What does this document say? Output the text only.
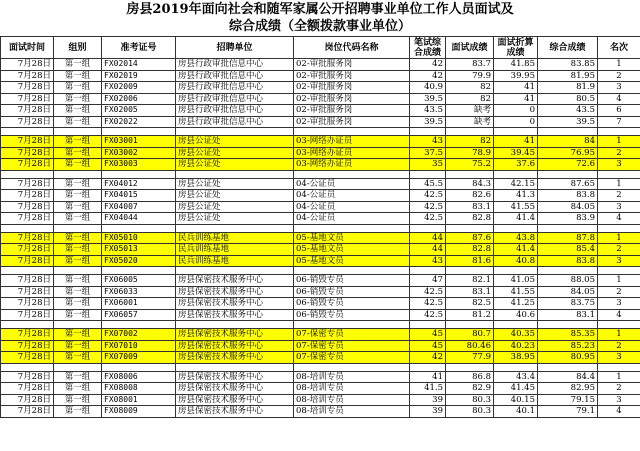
房县2019年面向社会和随军家属公开招聘事业单位工作人员面试及
综合成绩（全额拨款事业单位）
面试时间	组别	准考证号	招聘单位	岗位代码名称	笔试综合成绩	面试成绩	面试折算成绩	综合成绩	名次
7月28日	第一组	FX02014	房县行政审批信息中心	02-审批服务岗	42	83.7	41.85	83.85	1
7月28日	第一组	FX02019	房县行政审批信息中心	02-审批服务岗	42	79.9	39.95	81.95	2
7月28日	第一组	FX02009	房县行政审批信息中心	02-审批服务岗	40.9	82	41	81.9	3
7月28日	第一组	FX02006	房县行政审批信息中心	02-审批服务岗	39.5	82	41	80.5	4
7月28日	第一组	FX02005	房县行政审批信息中心	02-审批服务岗	43.5	缺考	0	43.5	6
7月28日	第一组	FX02022	房县行政审批信息中心	02-审批服务岗	39.5	缺考	0	39.5	7

7月28日	第一组	FX03001	房县公证处	03-网络办证员	43	82	41	84	1
7月28日	第一组	FX03002	房县公证处	03-网络办证员	37.5	78.9	39.45	76.95	2
7月28日	第一组	FX03003	房县公证处	03-网络办证员	35	75.2	37.6	72.6	3

7月28日	第一组	FX04012	房县公证处	04-公证员	45.5	84.3	42.15	87.65	1
7月28日	第一组	FX04015	房县公证处	04-公证员	42.5	82.6	41.3	83.8	2
7月28日	第一组	FX04007	房县公证处	04-公证员	42.5	83.1	41.55	84.05	3
7月28日	第一组	FX04044	房县公证处	04-公证员	42.5	82.8	41.4	83.9	4

7月28日	第一组	FX05010	民兵训练基地	05-基地文员	44	87.6	43.8	87.8	1
7月28日	第一组	FX05013	民兵训练基地	05-基地文员	44	82.8	41.4	85.4	2
7月28日	第一组	FX05020	民兵训练基地	05-基地文员	43	81.6	40.8	83.8	3

7月28日	第一组	FX06005	房县保密技术服务中心	06-销毁专员	47	82.1	41.05	88.05	1
7月28日	第一组	FX06033	房县保密技术服务中心	06-销毁专员	42.5	83.1	41.55	84.05	2
7月28日	第一组	FX06001	房县保密技术服务中心	06-销毁专员	42.5	82.5	41.25	83.75	3
7月28日	第一组	FX06057	房县保密技术服务中心	06-销毁专员	42.5	81.2	40.6	83.1	4

7月28日	第一组	FX07002	房县保密技术服务中心	07-保密专员	45	80.7	40.35	85.35	1
7月28日	第一组	FX07010	房县保密技术服务中心	07-保密专员	45	80.46	40.23	85.23	2
7月28日	第一组	FX07009	房县保密技术服务中心	07-保密专员	42	77.9	38.95	80.95	3

7月28日	第一组	FX08006	房县保密技术服务中心	08-培训专员	41	86.8	43.4	84.4	1
7月28日	第一组	FX08008	房县保密技术服务中心	08-培训专员	41.5	82.9	41.45	82.95	2
7月28日	第一组	FX08001	房县保密技术服务中心	08-培训专员	39	80.3	40.15	79.15	3
7月28日	第一组	FX08009	房县保密技术服务中心	08-培训专员	39	80.3	40.1	79.1	4
